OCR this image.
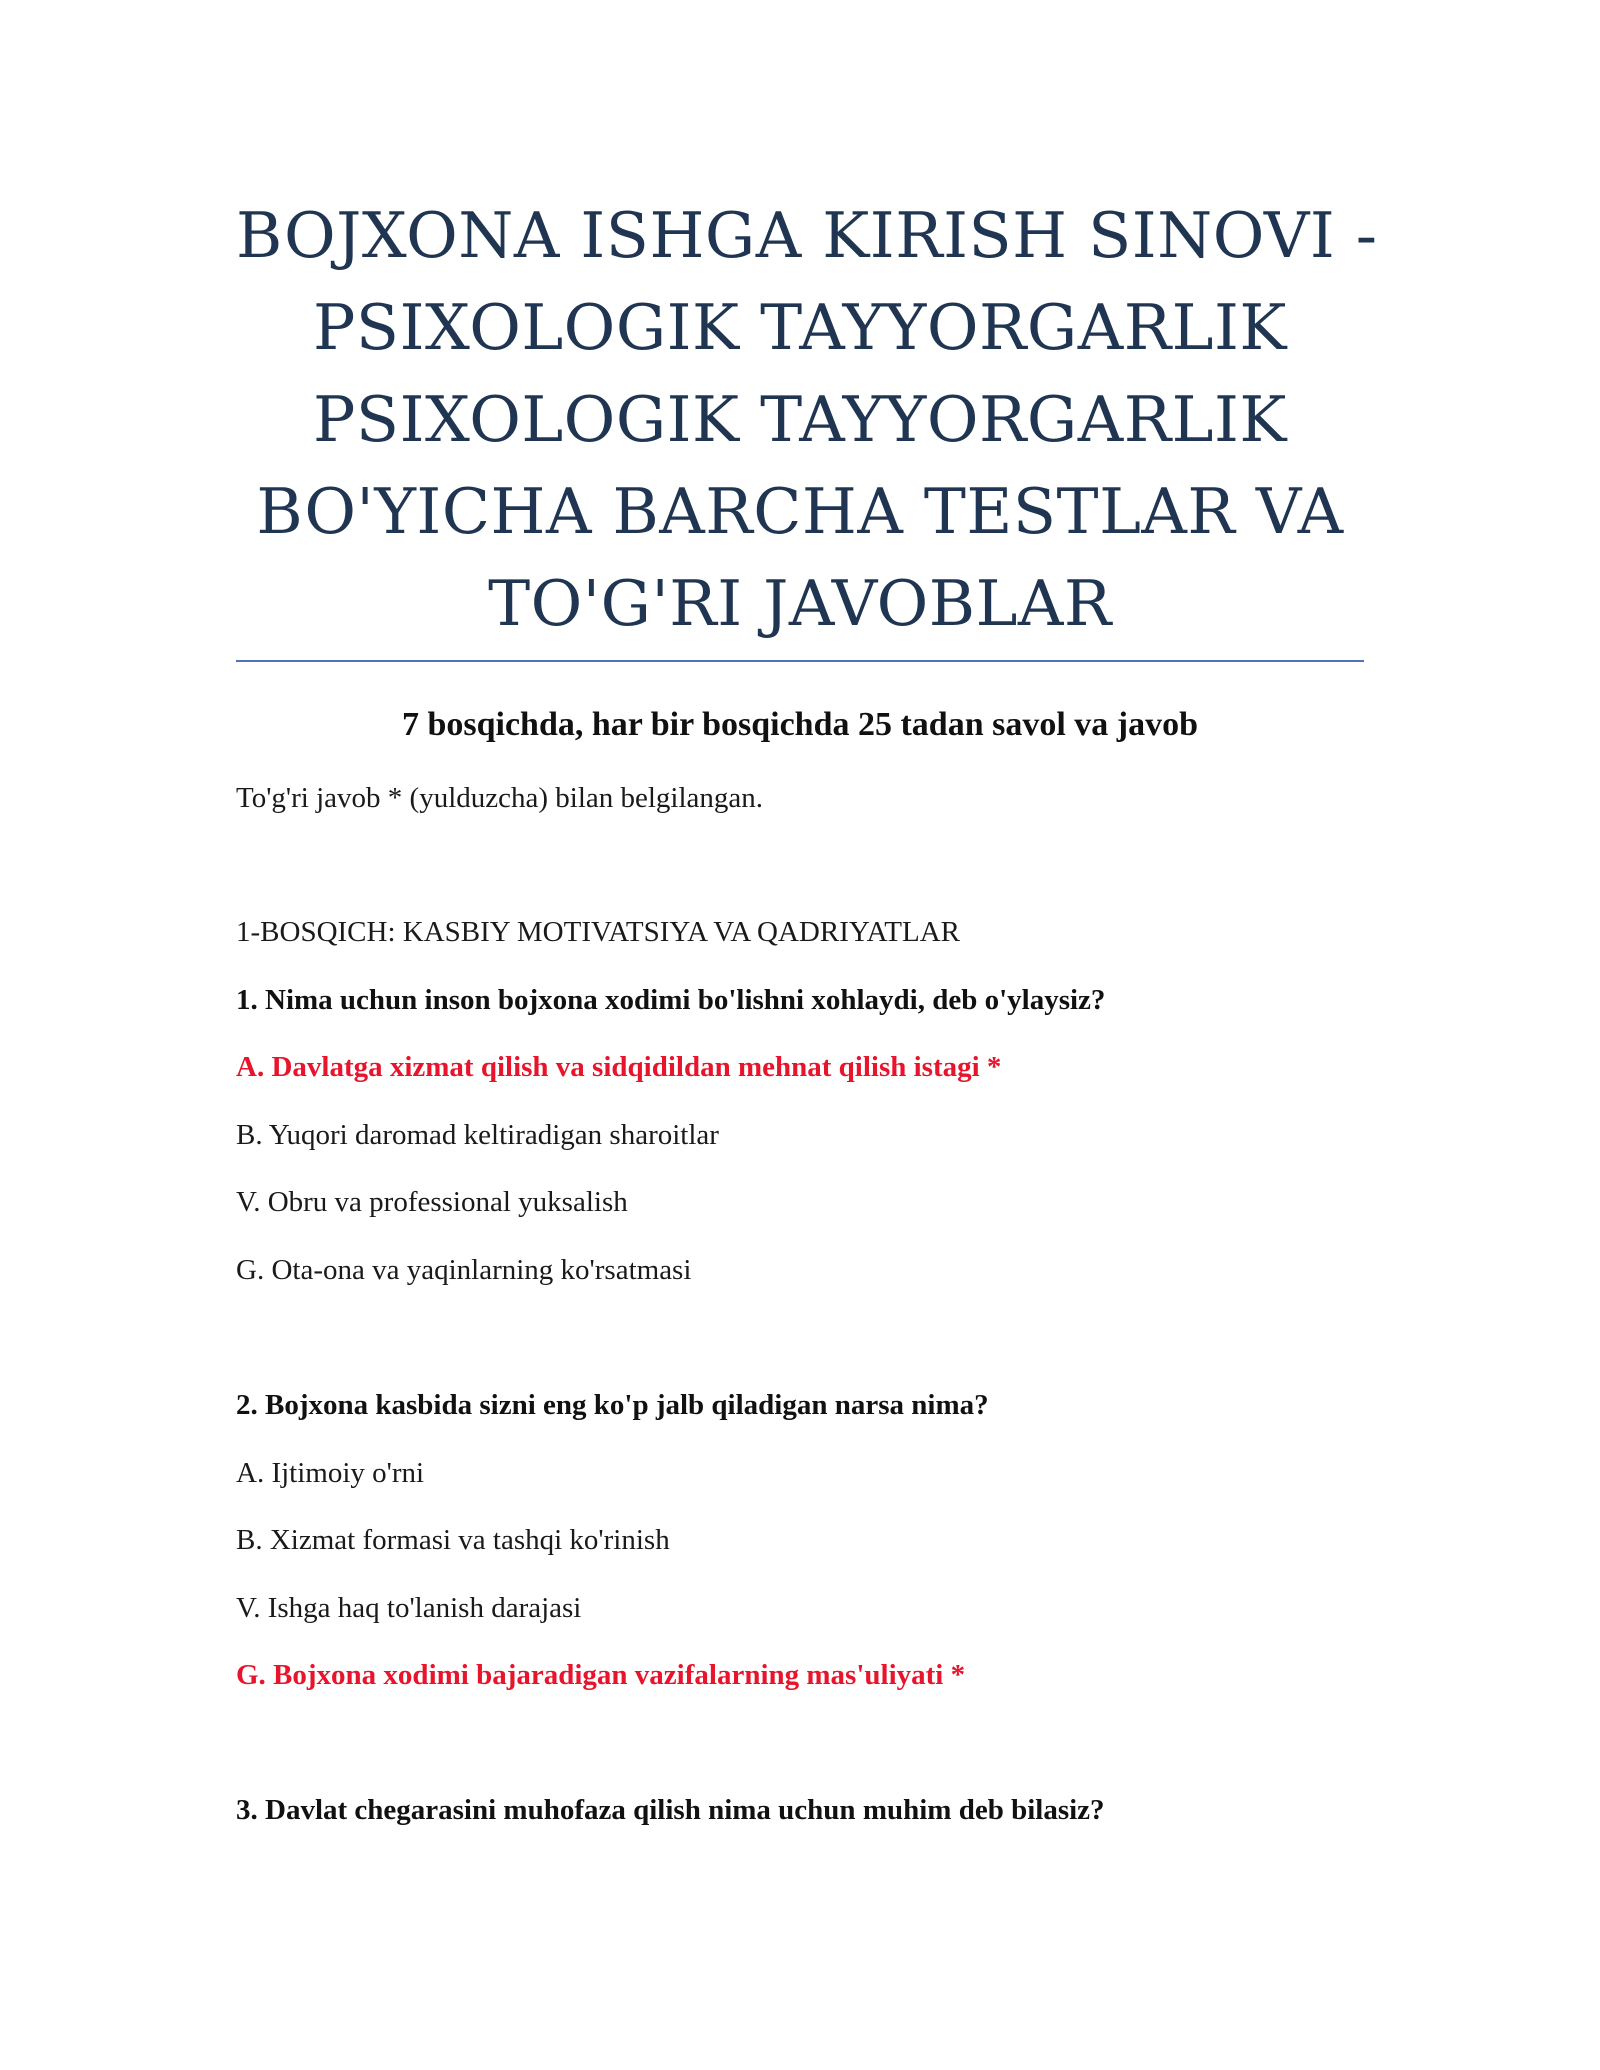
BOJXONA ISHGA KIRISH SINOVI -
PSIXOLOGIK TAYYORGARLIK
PSIXOLOGIK TAYYORGARLIK
BO'YICHA BARCHA TESTLAR VA
TO'G'RI JAVOBLAR
7 bosqichda, har bir bosqichda 25 tadan savol va javob
To'g'ri javob * (yulduzcha) bilan belgilangan.
1-BOSQICH: KASBIY MOTIVATSIYA VA QADRIYATLAR
1. Nima uchun inson bojxona xodimi bo'lishni xohlaydi, deb o'ylaysiz?
A. Davlatga xizmat qilish va sidqidildan mehnat qilish istagi *
B. Yuqori daromad keltiradigan sharoitlar
V. Obru va professional yuksalish
G. Ota-ona va yaqinlarning ko'rsatmasi
2. Bojxona kasbida sizni eng ko'p jalb qiladigan narsa nima?
A. Ijtimoiy o'rni
B. Xizmat formasi va tashqi ko'rinish
V. Ishga haq to'lanish darajasi
G. Bojxona xodimi bajaradigan vazifalarning mas'uliyati *
3. Davlat chegarasini muhofaza qilish nima uchun muhim deb bilasiz?
